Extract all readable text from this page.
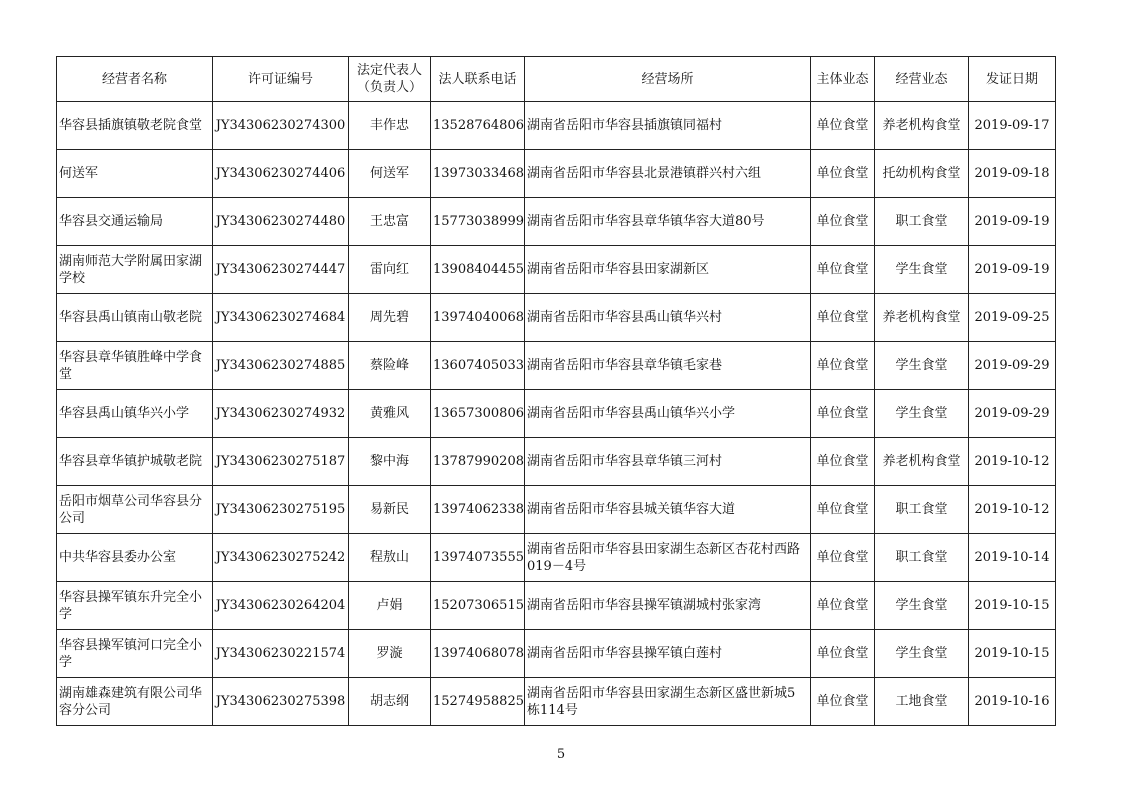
经营者名称	许可证编号	法定代表人（负责人）	法人联系电话	经营场所	主体业态	经营业态	发证日期
华容县插旗镇敬老院食堂	JY34306230274300	丰作忠	13528764806	湖南省岳阳市华容县插旗镇同福村	单位食堂	养老机构食堂	2019-09-17
何送军	JY34306230274406	何送军	13973033468	湖南省岳阳市华容县北景港镇群兴村六组	单位食堂	托幼机构食堂	2019-09-18
华容县交通运输局	JY34306230274480	王忠富	15773038999	湖南省岳阳市华容县章华镇华容大道80号	单位食堂	职工食堂	2019-09-19
湖南师范大学附属田家湖学校	JY34306230274447	雷向红	13908404455	湖南省岳阳市华容县田家湖新区	单位食堂	学生食堂	2019-09-19
华容县禹山镇南山敬老院	JY34306230274684	周先碧	13974040068	湖南省岳阳市华容县禹山镇华兴村	单位食堂	养老机构食堂	2019-09-25
华容县章华镇胜峰中学食堂	JY34306230274885	蔡险峰	13607405033	湖南省岳阳市华容县章华镇毛家巷	单位食堂	学生食堂	2019-09-29
华容县禹山镇华兴小学	JY34306230274932	黄雅风	13657300806	湖南省岳阳市华容县禹山镇华兴小学	单位食堂	学生食堂	2019-09-29
华容县章华镇护城敬老院	JY34306230275187	黎中海	13787990208	湖南省岳阳市华容县章华镇三河村	单位食堂	养老机构食堂	2019-10-12
岳阳市烟草公司华容县分公司	JY34306230275195	易新民	13974062338	湖南省岳阳市华容县城关镇华容大道	单位食堂	职工食堂	2019-10-12
中共华容县委办公室	JY34306230275242	程敖山	13974073555	湖南省岳阳市华容县田家湖生态新区杏花村西路019－4号	单位食堂	职工食堂	2019-10-14
华容县操军镇东升完全小学	JY34306230264204	卢娟	15207306515	湖南省岳阳市华容县操军镇湖城村张家湾	单位食堂	学生食堂	2019-10-15
华容县操军镇河口完全小学	JY34306230221574	罗漩	13974068078	湖南省岳阳市华容县操军镇白莲村	单位食堂	学生食堂	2019-10-15
湖南雄森建筑有限公司华容分公司	JY34306230275398	胡志纲	15274958825	湖南省岳阳市华容县田家湖生态新区盛世新城5栋114号	单位食堂	工地食堂	2019-10-16
5
